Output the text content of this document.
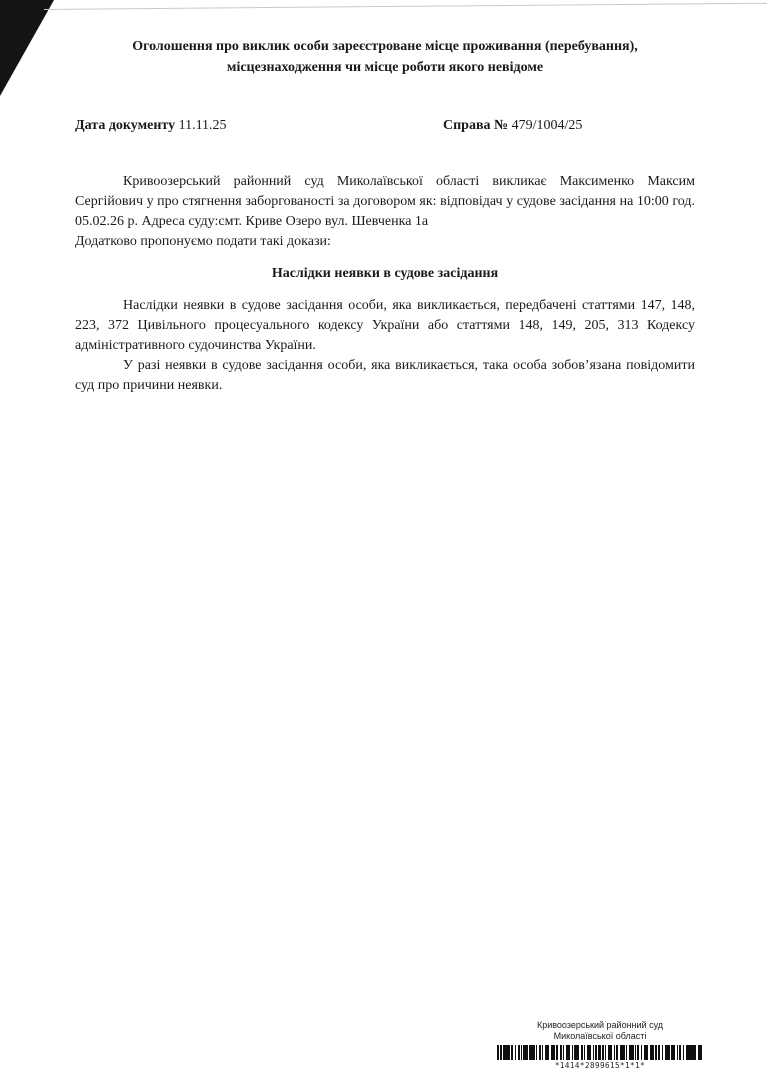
Оголошення про виклик особи зареєстроване місце проживання (перебування),
місцезнаходження чи місце роботи якого невідоме
Дата документу 11.11.25	Справа № 479/1004/25

Кривоозерський районний суд Миколаївської області викликає Максименко Максим Сергійович у про стягнення заборгованості за договором як: відповідач у судове засідання на 10:00 год. 05.02.26 р. Адреса суду:смт. Криве Озеро вул. Шевченка 1а

Додатково пропонуємо подати такі докази:

Наслідки неявки в судове засідання

Наслідки неявки в судове засідання особи, яка викликається, передбачені статтями 147, 148, 223, 372 Цивільного процесуального кодексу України або статтями 148, 149, 205, 313 Кодексу адміністративного судочинства України.

У разі неявки в судове засідання особи, яка викликається, така особа зобов’язана повідомити суд про причини неявки.

Кривоозерський районний суд
Миколаївської області
*1414*2899615*1*1*
